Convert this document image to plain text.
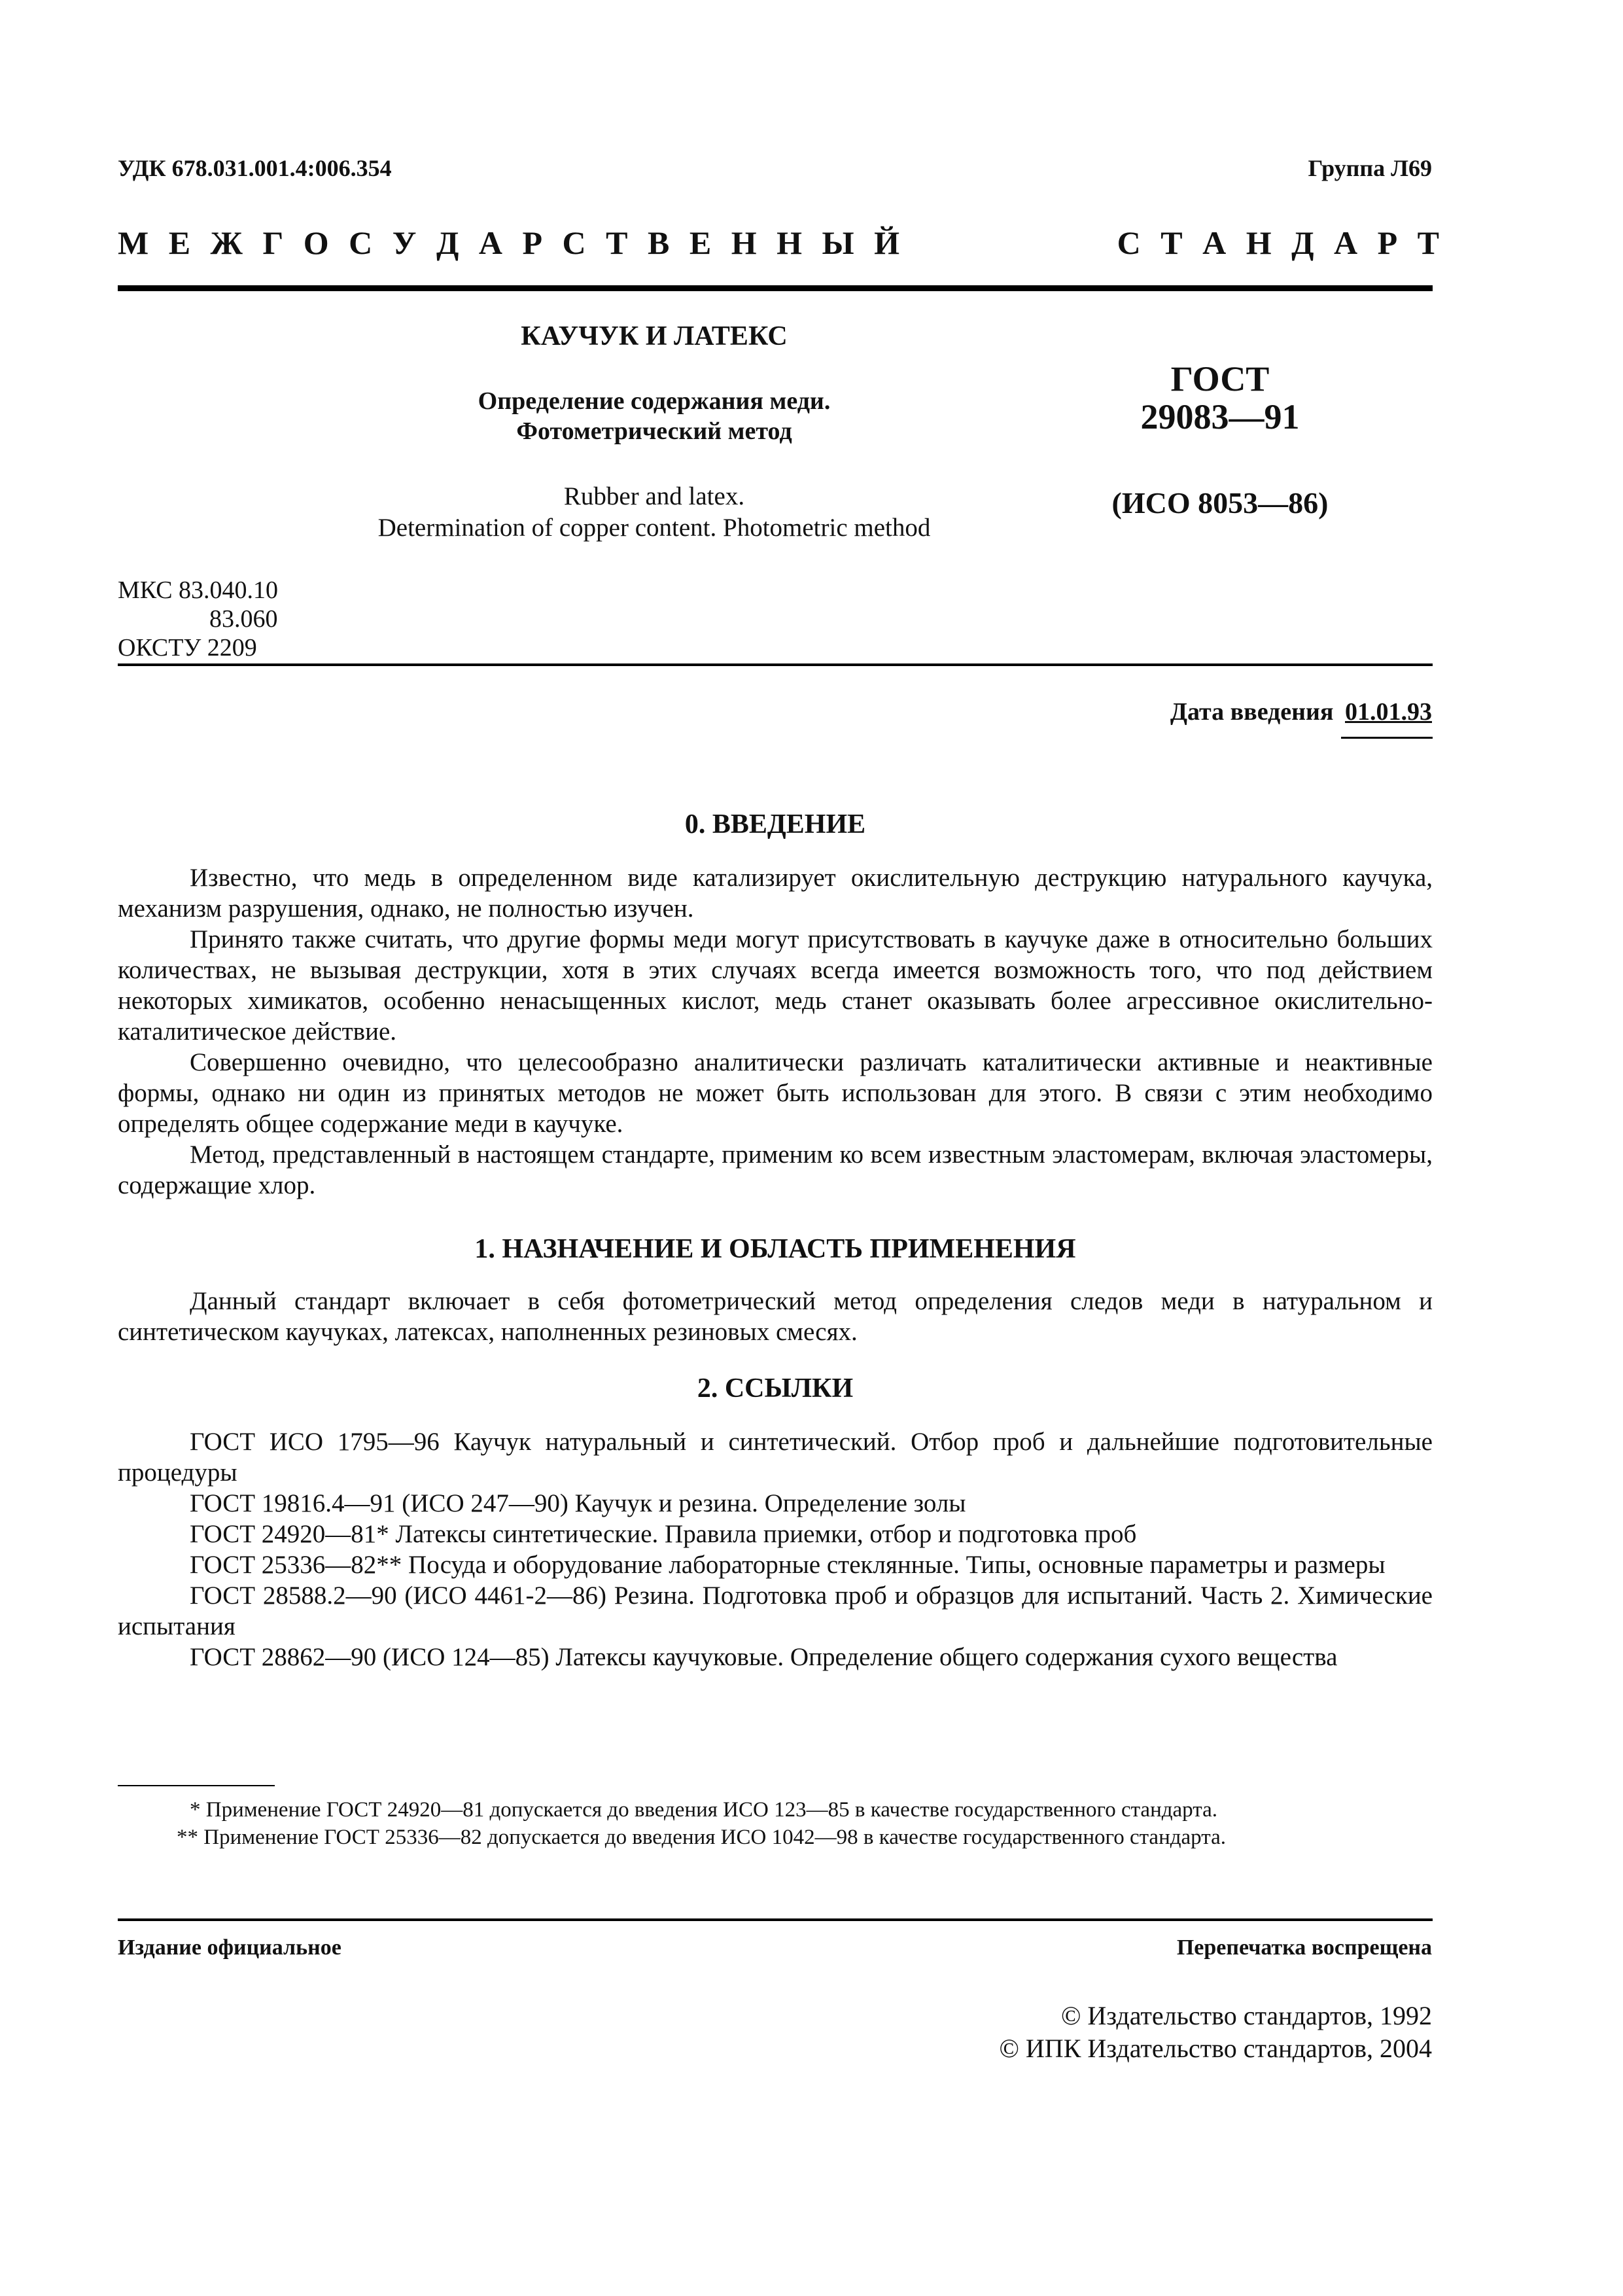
УДК 678.031.001.4:006.354	Группа Л69
М Е Ж Г О С У Д А Р С Т В Е Н Н Ы Й	С Т А Н Д А Р Т
КАУЧУК И ЛАТЕКС
Определение содержания меди.
Фотометрический метод
Rubber and latex.
Determination of copper content. Photometric method
ГОСТ
29083—91
(ИСО 8053—86)
МКС 83.040.10
83.060
ОКСТУ 2209
Дата введения 01.01.93
0. ВВЕДЕНИЕ
Известно, что медь в определенном виде катализирует окислительную деструкцию натурального каучука, механизм разрушения, однако, не полностью изучен.
Принято также считать, что другие формы меди могут присутствовать в каучуке даже в относительно больших количествах, не вызывая деструкции, хотя в этих случаях всегда имеется возможность того, что под действием некоторых химикатов, особенно ненасыщенных кислот, медь станет оказывать более агрессивное окислительно-каталитическое действие.
Совершенно очевидно, что целесообразно аналитически различать каталитически активные и неактивные формы, однако ни один из принятых методов не может быть использован для этого. В связи с этим необходимо определять общее содержание меди в каучуке.
Метод, представленный в настоящем стандарте, применим ко всем известным эластомерам, включая эластомеры, содержащие хлор.
1. НАЗНАЧЕНИЕ И ОБЛАСТЬ ПРИМЕНЕНИЯ
Данный стандарт включает в себя фотометрический метод определения следов меди в натуральном и синтетическом каучуках, латексах, наполненных резиновых смесях.
2. ССЫЛКИ
ГОСТ ИСО 1795—96 Каучук натуральный и синтетический. Отбор проб и дальнейшие подготовительные процедуры
ГОСТ 19816.4—91 (ИСО 247—90) Каучук и резина. Определение золы
ГОСТ 24920—81* Латексы синтетические. Правила приемки, отбор и подготовка проб
ГОСТ 25336—82** Посуда и оборудование лабораторные стеклянные. Типы, основные параметры и размеры
ГОСТ 28588.2—90 (ИСО 4461-2—86) Резина. Подготовка проб и образцов для испытаний. Часть 2. Химические испытания
ГОСТ 28862—90 (ИСО 124—85) Латексы каучуковые. Определение общего содержания сухого вещества
* Применение ГОСТ 24920—81 допускается до введения ИСО 123—85 в качестве государственного стандарта.
** Применение ГОСТ 25336—82 допускается до введения ИСО 1042—98 в качестве государственного стандарта.
Издание официальное	Перепечатка воспрещена
© Издательство стандартов, 1992
© ИПК Издательство стандартов, 2004
